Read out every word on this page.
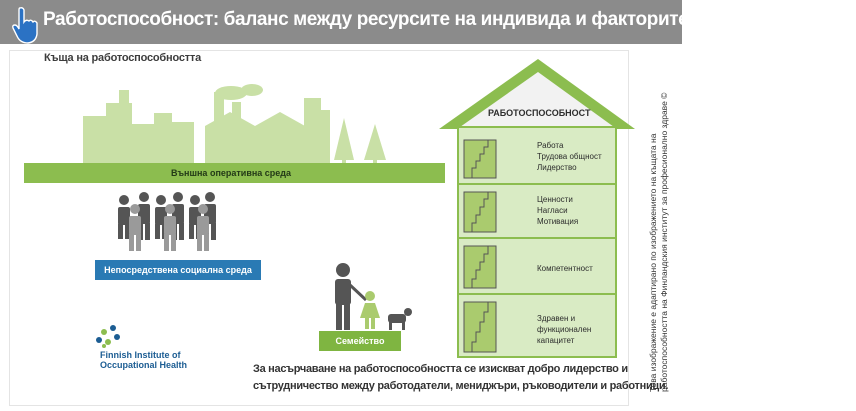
Работоспособност: баланс между ресурсите на индивида и факторите, свързани с труда
Къща на работоспособността
Външна оперативна среда
Непосредствена социална среда
Семейство
РАБОТОСПОСОБНОСТ
Работа
Трудова общност
Лидерство
Ценности
Нагласи
Мотивация
Компетентност
Здравен и
функционален
капацитет
Finnish Institute of
Occupational Health	За насърчаване на работоспособността се изискват добро лидерство и
сътрудничество между работодатели, мениджъри, ръководители и работници.
Това изображение е адаптирано по изображението на къщата на работоспособността на Финландския институт за професионално здраве ©
